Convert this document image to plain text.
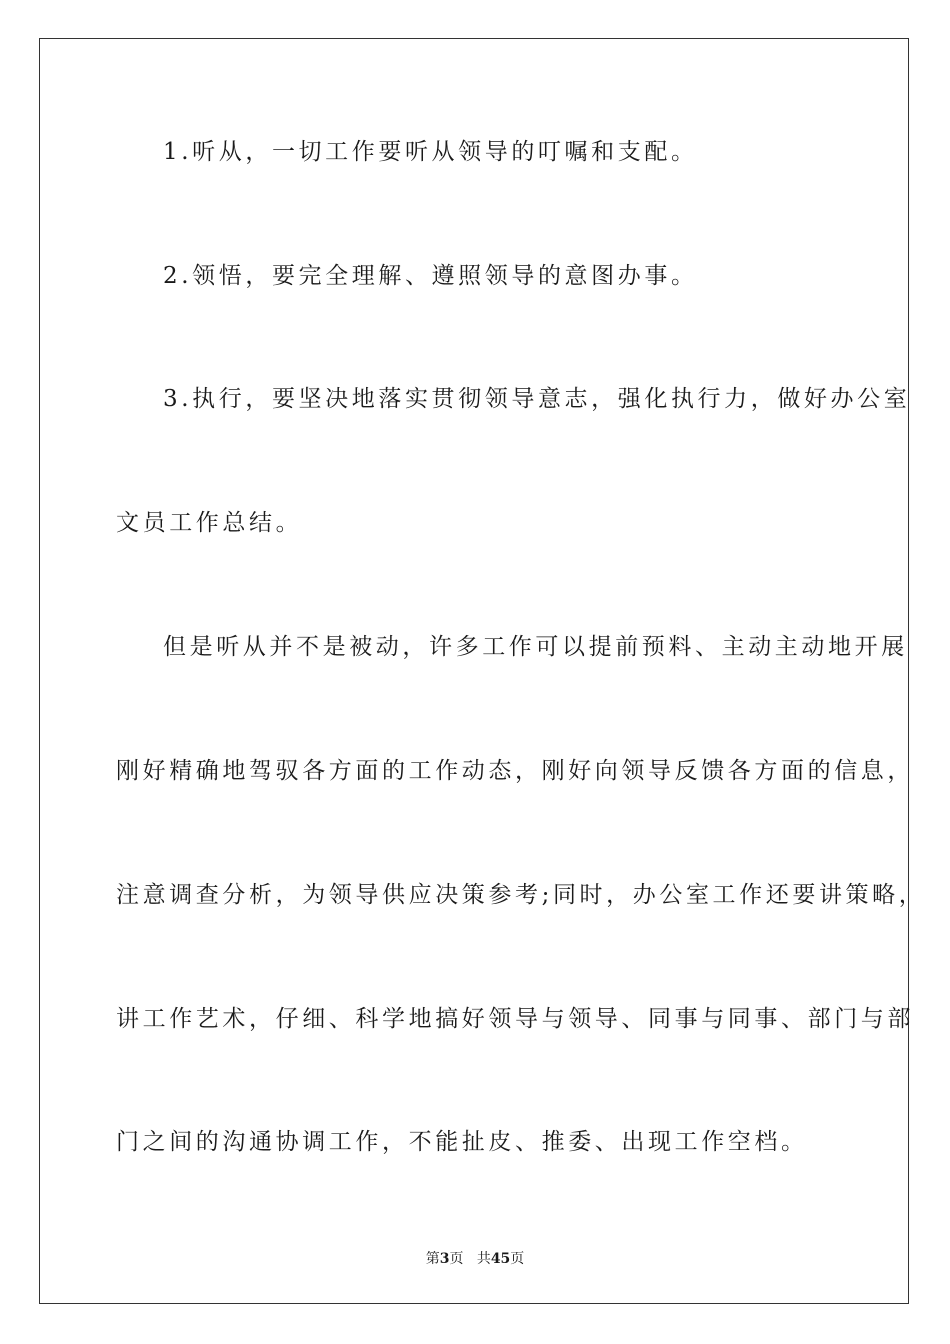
1.听从，一切工作要听从领导的叮嘱和支配。
2.领悟，要完全理解、遵照领导的意图办事。
3.执行，要坚决地落实贯彻领导意志，强化执行力，做好办公室
文员工作总结。
但是听从并不是被动，许多工作可以提前预料、主动主动地开展
刚好精确地驾驭各方面的工作动态，刚好向领导反馈各方面的信息，
注意调查分析，为领导供应决策参考;同时，办公室工作还要讲策略，
讲工作艺术，仔细、科学地搞好领导与领导、同事与同事、部门与部
门之间的沟通协调工作，不能扯皮、推委、出现工作空档。
第3页 共45页
